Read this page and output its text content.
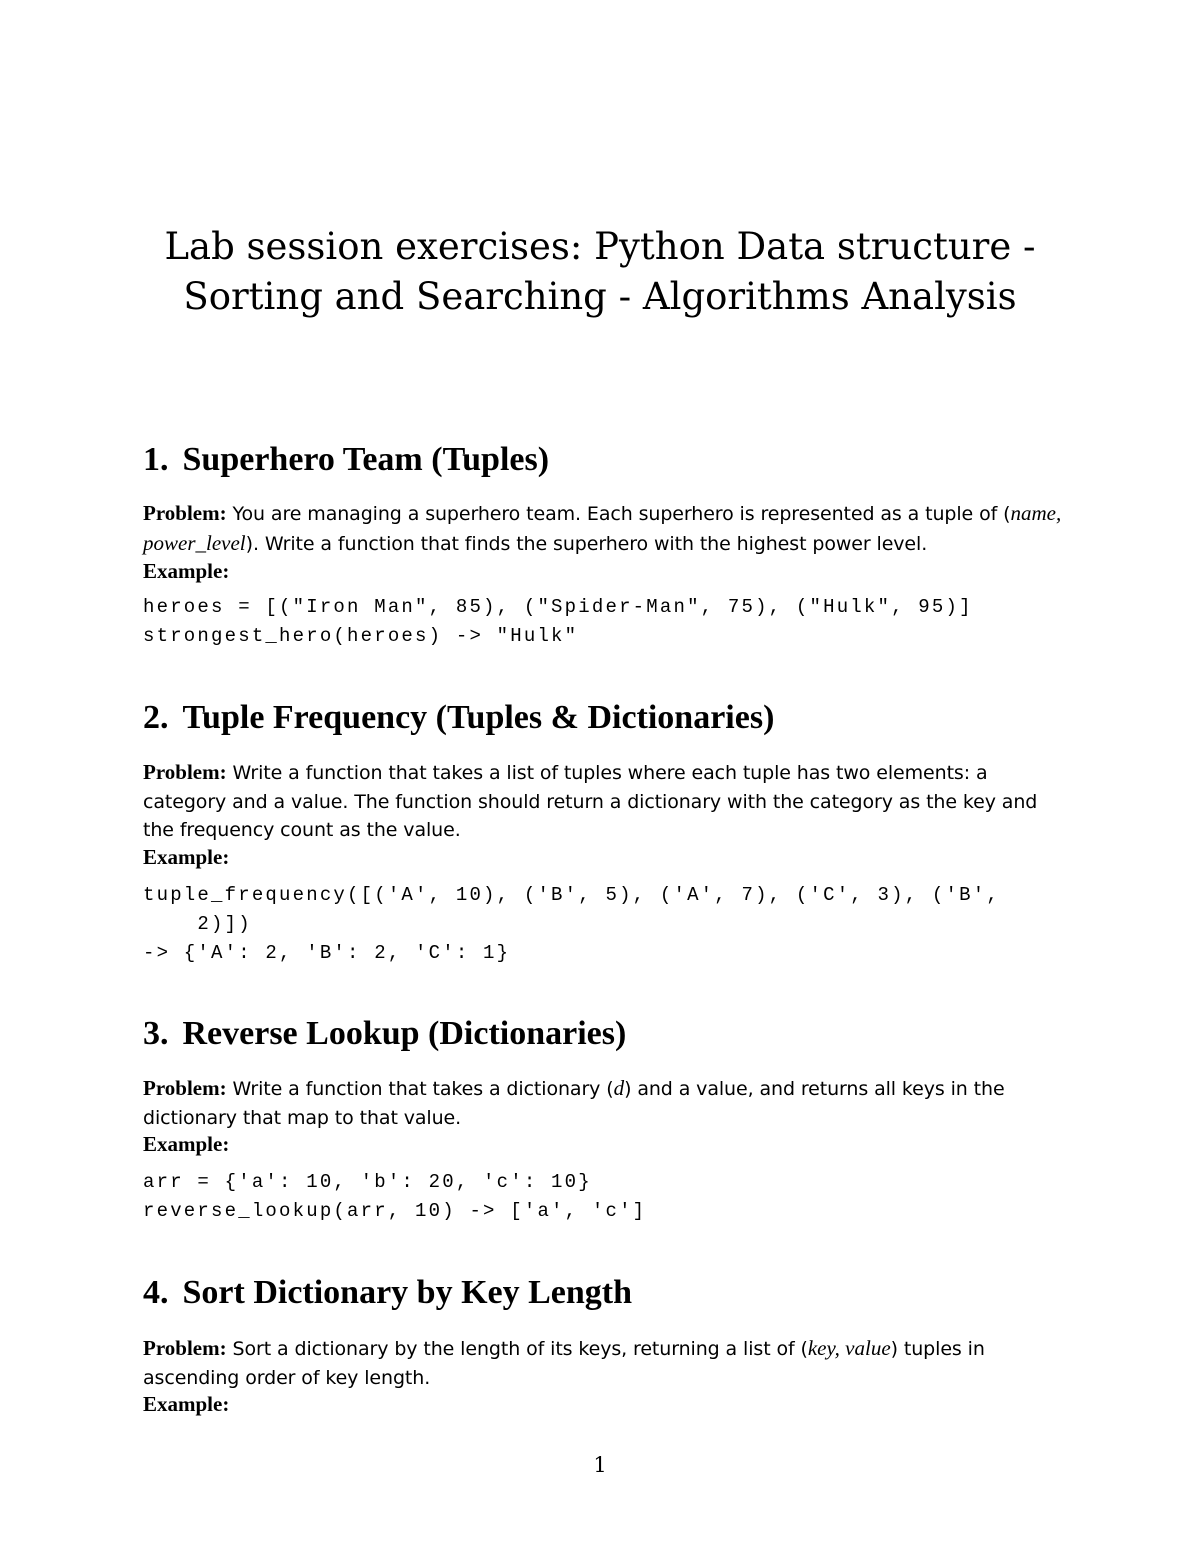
Lab session exercises: Python Data structure - Sorting and Searching - Algorithms Analysis
1. Superhero Team (Tuples)

Problem: You are managing a superhero team. Each superhero is represented as a tuple of (name, power_level). Write a function that finds the superhero with the highest power level.

Example:
heroes = [("Iron Man", 85), ("Spider-Man", 75), ("Hulk", 95)]
strongest_hero(heroes) -> "Hulk"
2. Tuple Frequency (Tuples & Dictionaries)

Problem: Write a function that takes a list of tuples where each tuple has two elements: a category and a value. The function should return a dictionary with the category as the key and the frequency count as the value.

Example:
tuple_frequency([('A', 10), ('B', 5), ('A', 7), ('C', 3), ('B',
2)])
-> {'A': 2, 'B': 2, 'C': 1}
3. Reverse Lookup (Dictionaries)

Problem: Write a function that takes a dictionary (d) and a value, and returns all keys in the dictionary that map to that value.

Example:
arr = {'a': 10, 'b': 20, 'c': 10}
reverse_lookup(arr, 10) -> ['a', 'c']
4. Sort Dictionary by Key Length

Problem: Sort a dictionary by the length of its keys, returning a list of (key, value) tuples in ascending order of key length.

Example:
1
